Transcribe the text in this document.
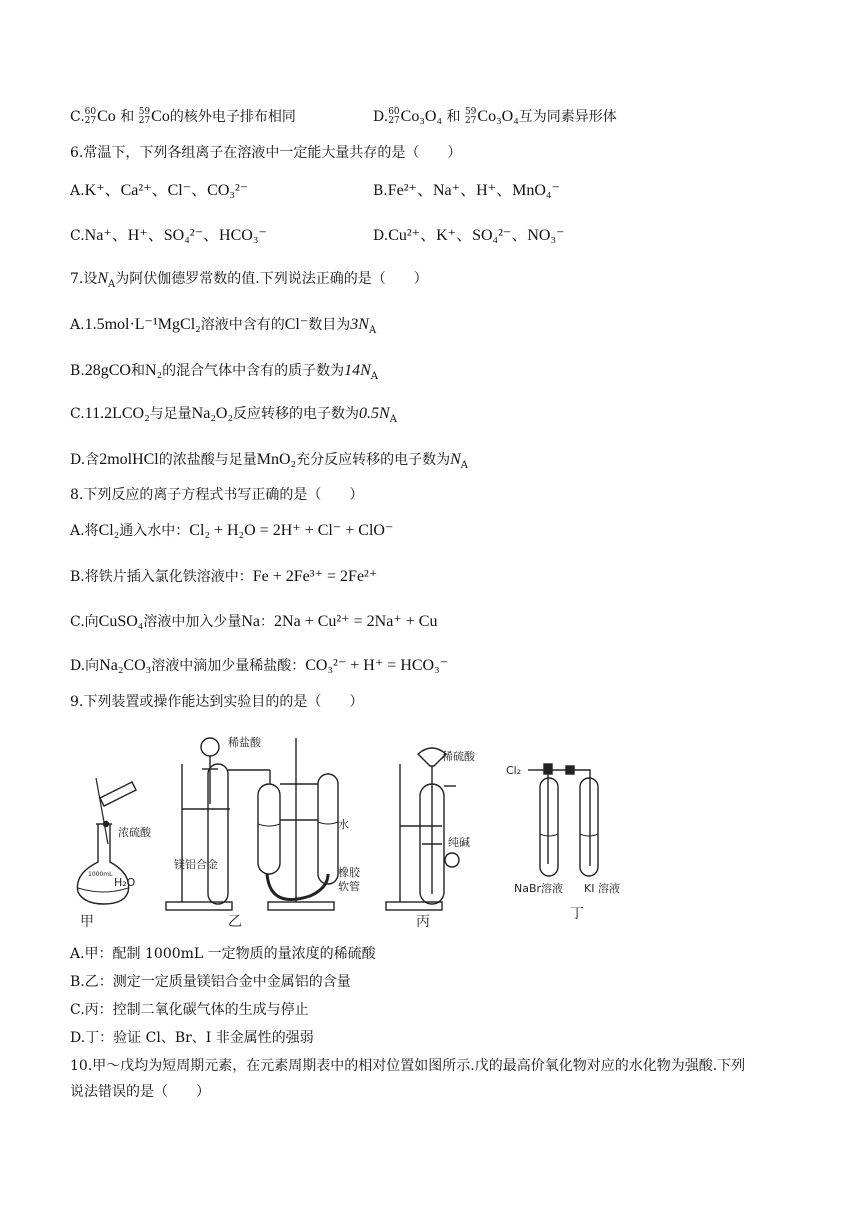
C. 60
27 Co 和 59
27 Co的核外电子排布相同	D. 60
27 Co₃O₄ 和 59
27 Co₃O₄互为同素异形体
6.常温下，下列各组离子在溶液中一定能大量共存的是（　　）
A.K⁺、Ca²⁺、Cl⁻、CO₃²⁻	B.Fe²⁺、Na⁺、H⁺、MnO₄⁻
C.Na⁺、H⁺、SO₄²⁻、HCO₃⁻	D.Cu²⁺、K⁺、SO₄²⁻、NO₃⁻
7.设$N_A$为阿伏伽德罗常数的值.下列说法正确的是（　　）
A.1.5mol·L⁻¹MgCl₂溶液中含有的Cl⁻数目为$3N_A$
B.28gCO和N₂的混合气体中含有的质子数为$14N_A$
C.11.2LCO₂与足量Na₂O₂反应转移的电子数为$0.5N_A$
D.含2molHCl的浓盐酸与足量MnO₂充分反应转移的电子数为$N_A$
8.下列反应的离子方程式书写正确的是（　　）
A.将Cl₂通入水中：Cl₂ + H₂O = 2H⁺ + Cl⁻ + ClO⁻
B.将铁片插入氯化铁溶液中：Fe + 2Fe³⁺ = 2Fe²⁺
C.向CuSO₄溶液中加入少量Na：2Na + Cu²⁺ = 2Na⁺ + Cu
D.向Na₂CO₃溶液中滴加少量稀盐酸：CO₃²⁻ + H⁺ = HCO₃⁻
9.下列装置或操作能达到实验目的的是（　　）
浓硫酸
1000mL
H₂O
甲
稀盐酸
镁铝合金
水
橡胶
软管
乙
稀硫酸
纯碱
丙
Cl₂
NaBr溶液 KI 溶液
丁
A.甲：配制 1000mL 一定物质的量浓度的稀硫酸
B.乙：测定一定质量镁铝合金中金属铝的含量
C.丙：控制二氧化碳气体的生成与停止
D.丁：验证 Cl、Br、I 非金属性的强弱
10.甲～戊均为短周期元素，在元素周期表中的相对位置如图所示.戊的最高价氧化物对应的水化物为强酸.下列
说法错误的是（　　）
